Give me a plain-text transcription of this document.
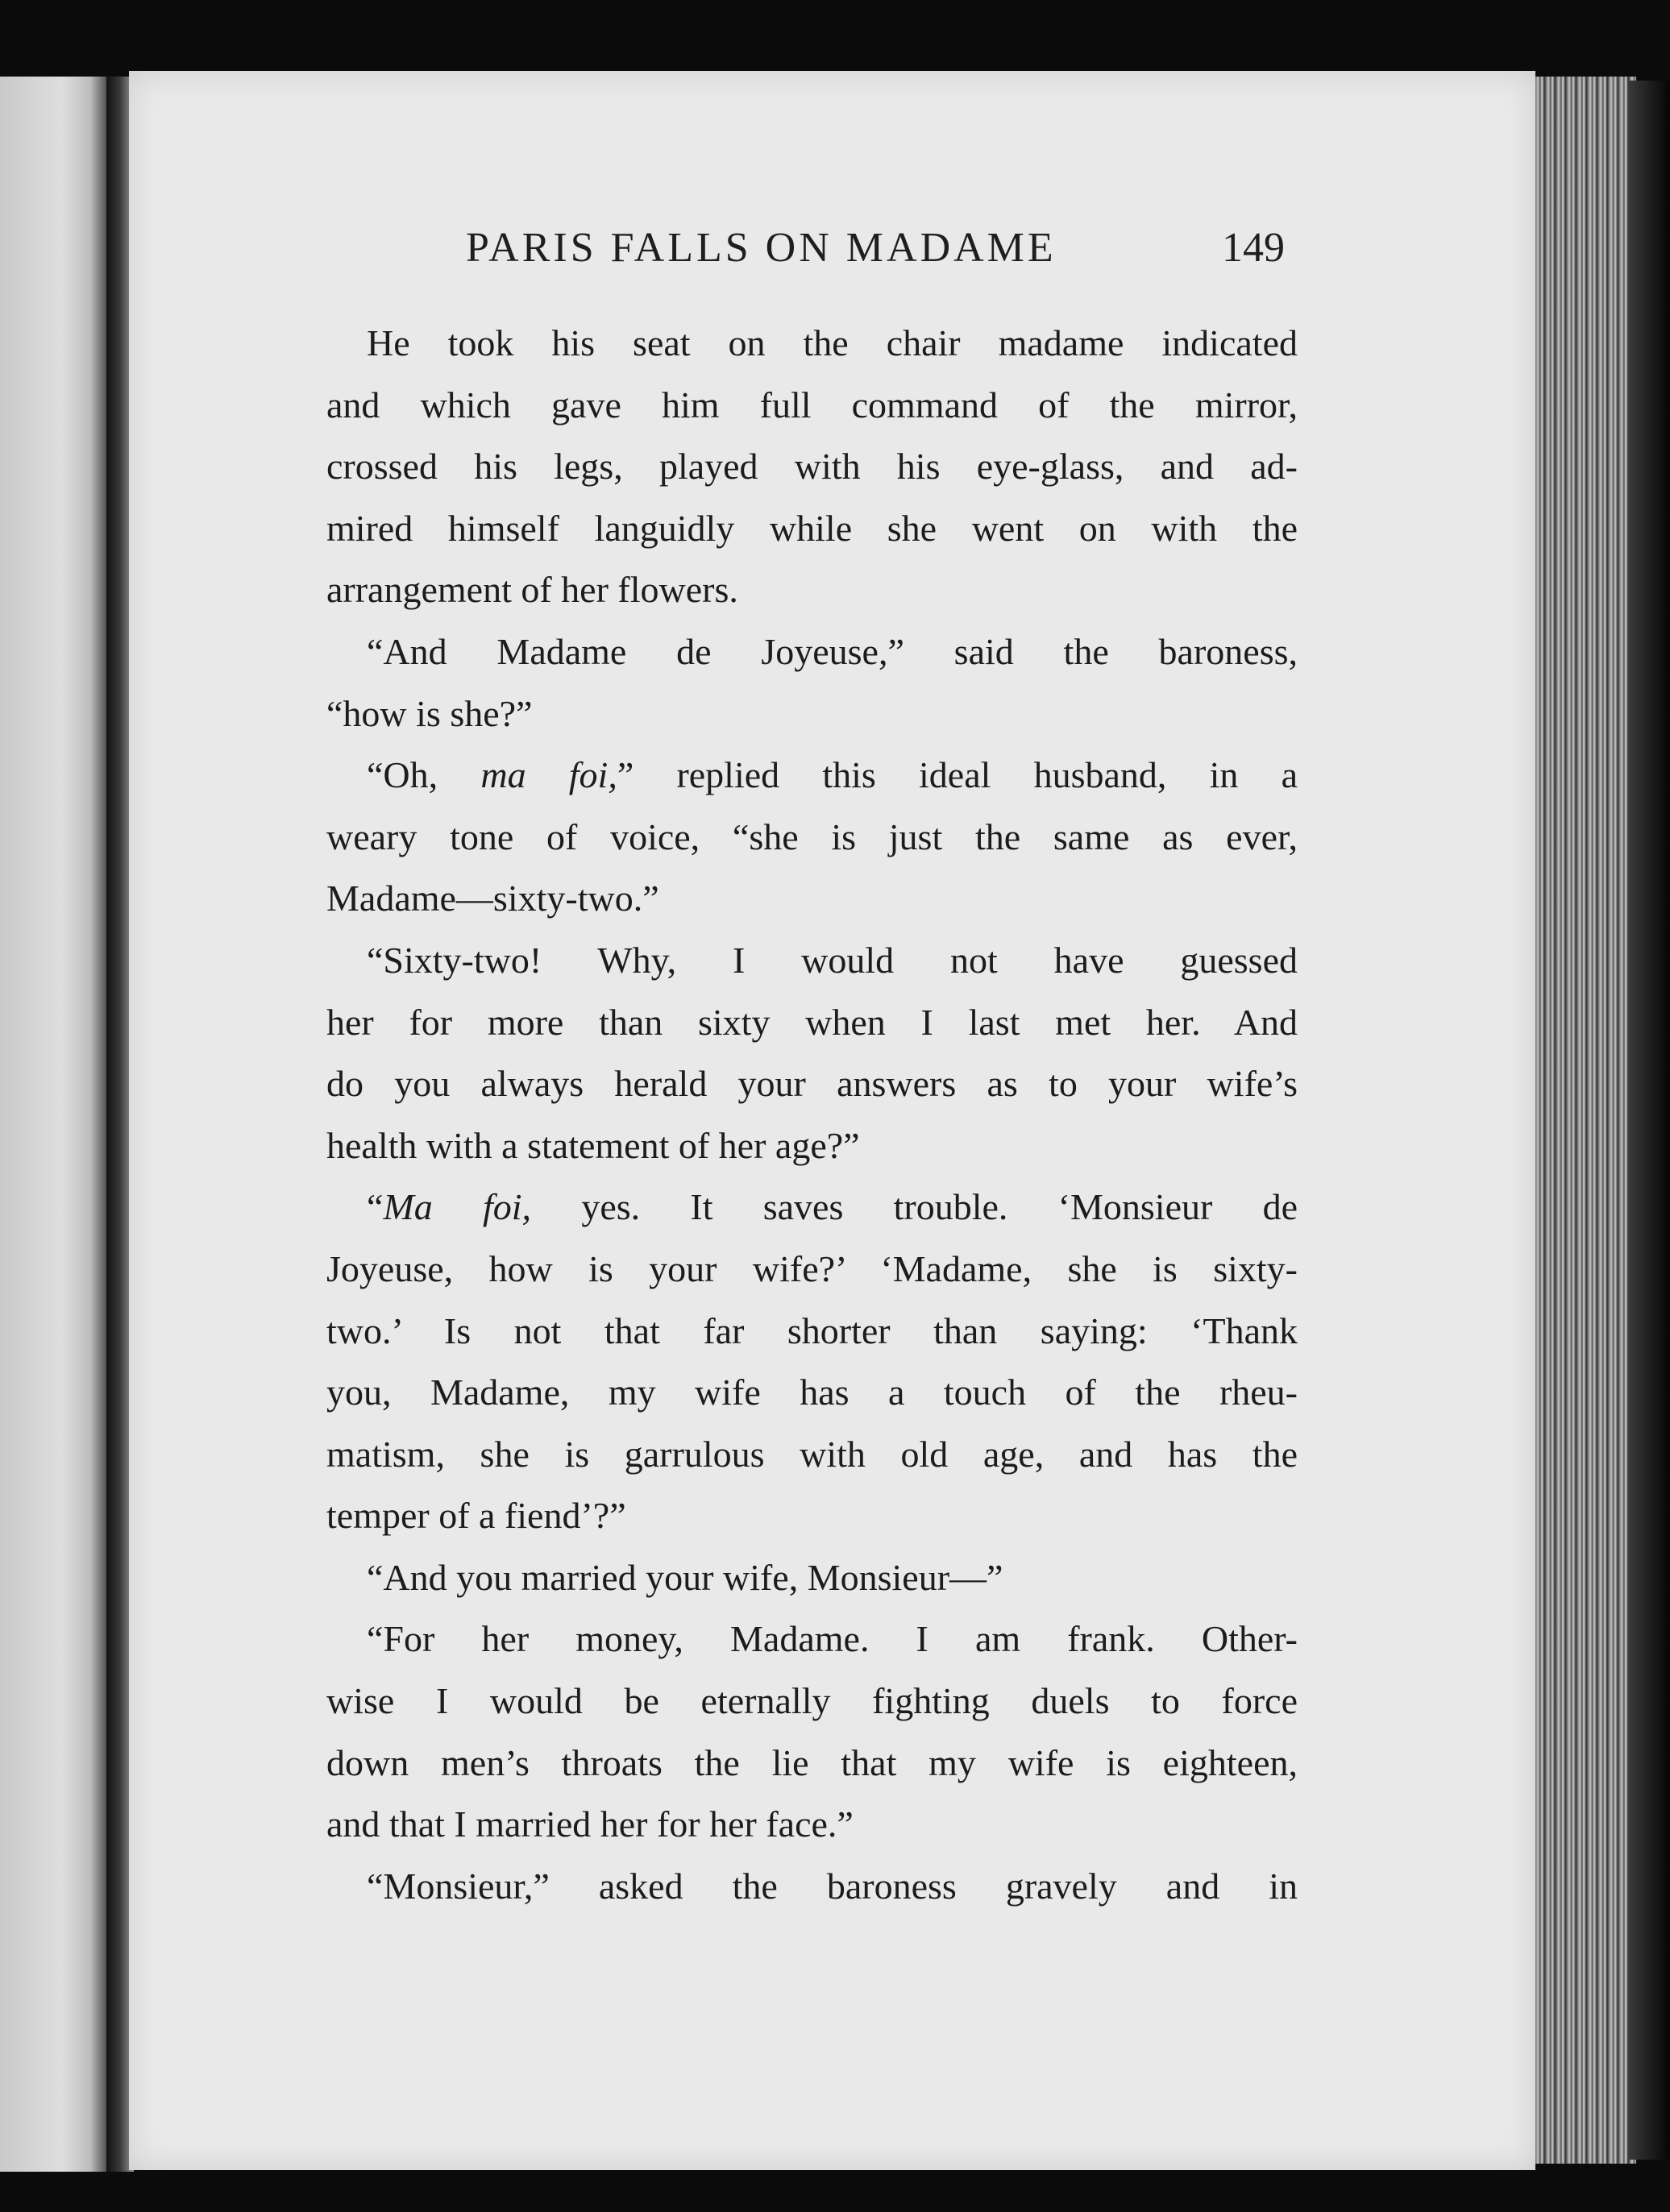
PARIS FALLS ON MADAME	149
He took his seat on the chair madame indicated
and which gave him full command of the mirror,
crossed his legs, played with his eye-glass, and ad-
mired himself languidly while she went on with the
arrangement of her flowers.
“And Madame de Joyeuse,” said the baroness,
“how is she?”
“Oh, ma foi,” replied this ideal husband, in a
weary tone of voice, “she is just the same as ever,
Madame—sixty-two.”
“Sixty-two! Why, I would not have guessed
her for more than sixty when I last met her. And
do you always herald your answers as to your wife’s
health with a statement of her age?”
“Ma foi, yes. It saves trouble. ‘Monsieur de
Joyeuse, how is your wife?’ ‘Madame, she is sixty-
two.’ Is not that far shorter than saying: ‘Thank
you, Madame, my wife has a touch of the rheu-
matism, she is garrulous with old age, and has the
temper of a fiend’?”
“And you married your wife, Monsieur—”
“For her money, Madame. I am frank. Other-
wise I would be eternally fighting duels to force
down men’s throats the lie that my wife is eighteen,
and that I married her for her face.”
“Monsieur,” asked the baroness gravely and in
